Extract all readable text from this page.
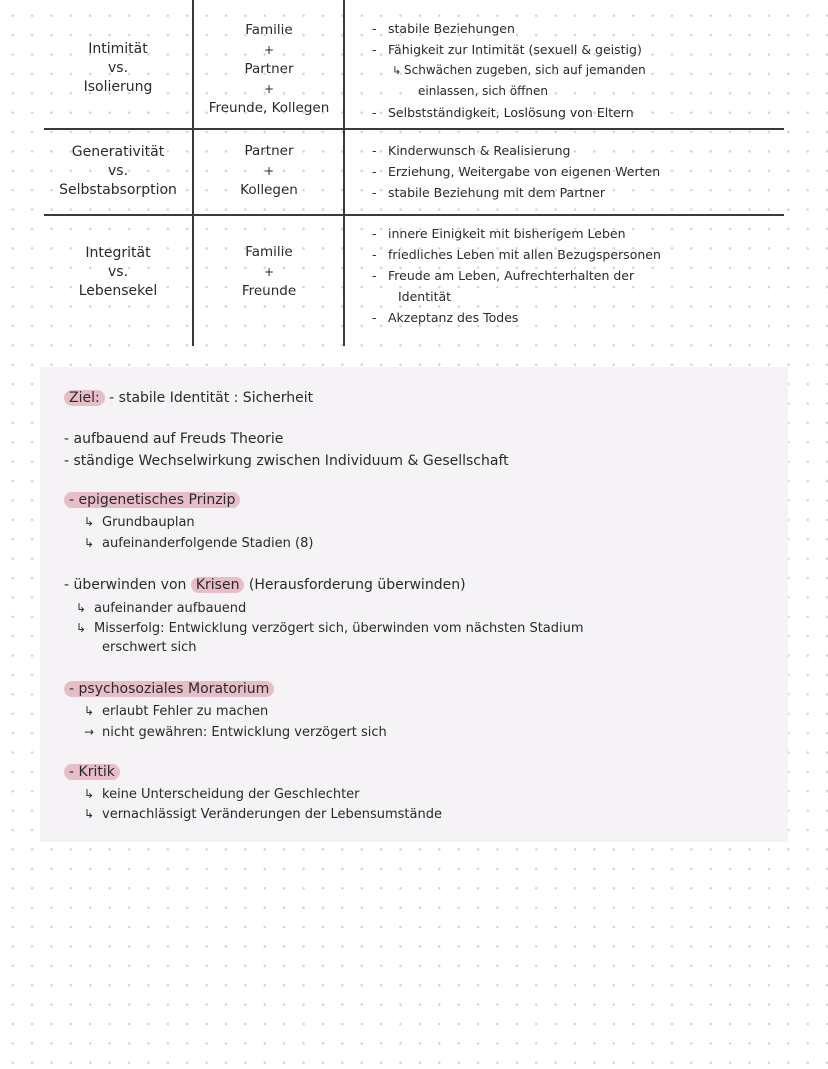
Intimität
vs.
Isolierung
Familie
+
Partner
+
Freunde, Kollegen
- stabile Beziehungen
- Fähigkeit zur Intimität (sexuell & geistig)
↳ Schwächen zugeben, sich auf jemanden
einlassen, sich öffnen
- Selbstständigkeit, Loslösung von Eltern
Generativität
vs.
Selbstabsorption
Partner
+
Kollegen
- Kinderwunsch & Realisierung
- Erziehung, Weitergabe von eigenen Werten
- stabile Beziehung mit dem Partner
Integrität
vs.
Lebensekel
Familie
+
Freunde
- innere Einigkeit mit bisherigem Leben
- friedliches Leben mit allen Bezugspersonen
- Freude am Leben, Aufrechterhalten der
Identität
- Akzeptanz des Todes
Ziel: - stabile Identität : Sicherheit
- aufbauend auf Freuds Theorie
- ständige Wechselwirkung zwischen Individuum & Gesellschaft
- epigenetisches Prinzip
↳ Grundbauplan
↳ aufeinanderfolgende Stadien (8)
- überwinden von Krisen (Herausforderung überwinden)
↳ aufeinander aufbauend
↳ Misserfolg: Entwicklung verzögert sich, überwinden vom nächsten Stadium
erschwert sich
- psychosoziales Moratorium
↳ erlaubt Fehler zu machen
→ nicht gewähren: Entwicklung verzögert sich
- Kritik
↳ keine Unterscheidung der Geschlechter
↳ vernachlässigt Veränderungen der Lebensumstände
